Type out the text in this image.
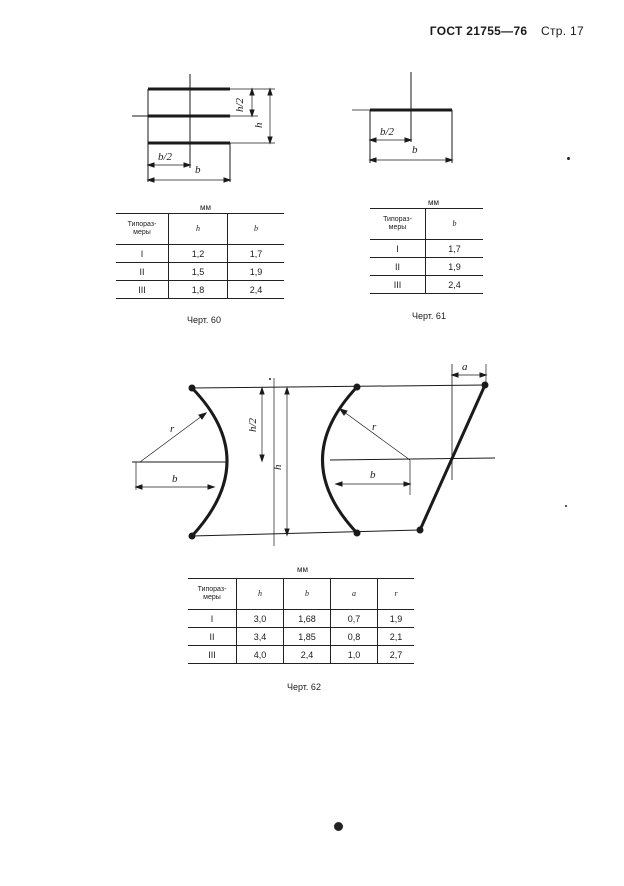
ГОСТ 21755—76 Стр. 17
b/2
b
h/2
h
b/2
b
a
r	r
b	b
h/2
h
мм
Типораз-
меры	h	b
I	1,2	1,7
II	1,5	1,9
III	1,8	2,4
Черт. 60
мм
Типораз-
меры	b
I	1,7
II	1,9
III	2,4
Черт. 61
мм
Типораз-
меры	h	b	a	r
I	3,0	1,68	0,7	1,9
II	3,4	1,85	0,8	2,1
III	4,0	2,4	1,0	2,7
Черт. 62
